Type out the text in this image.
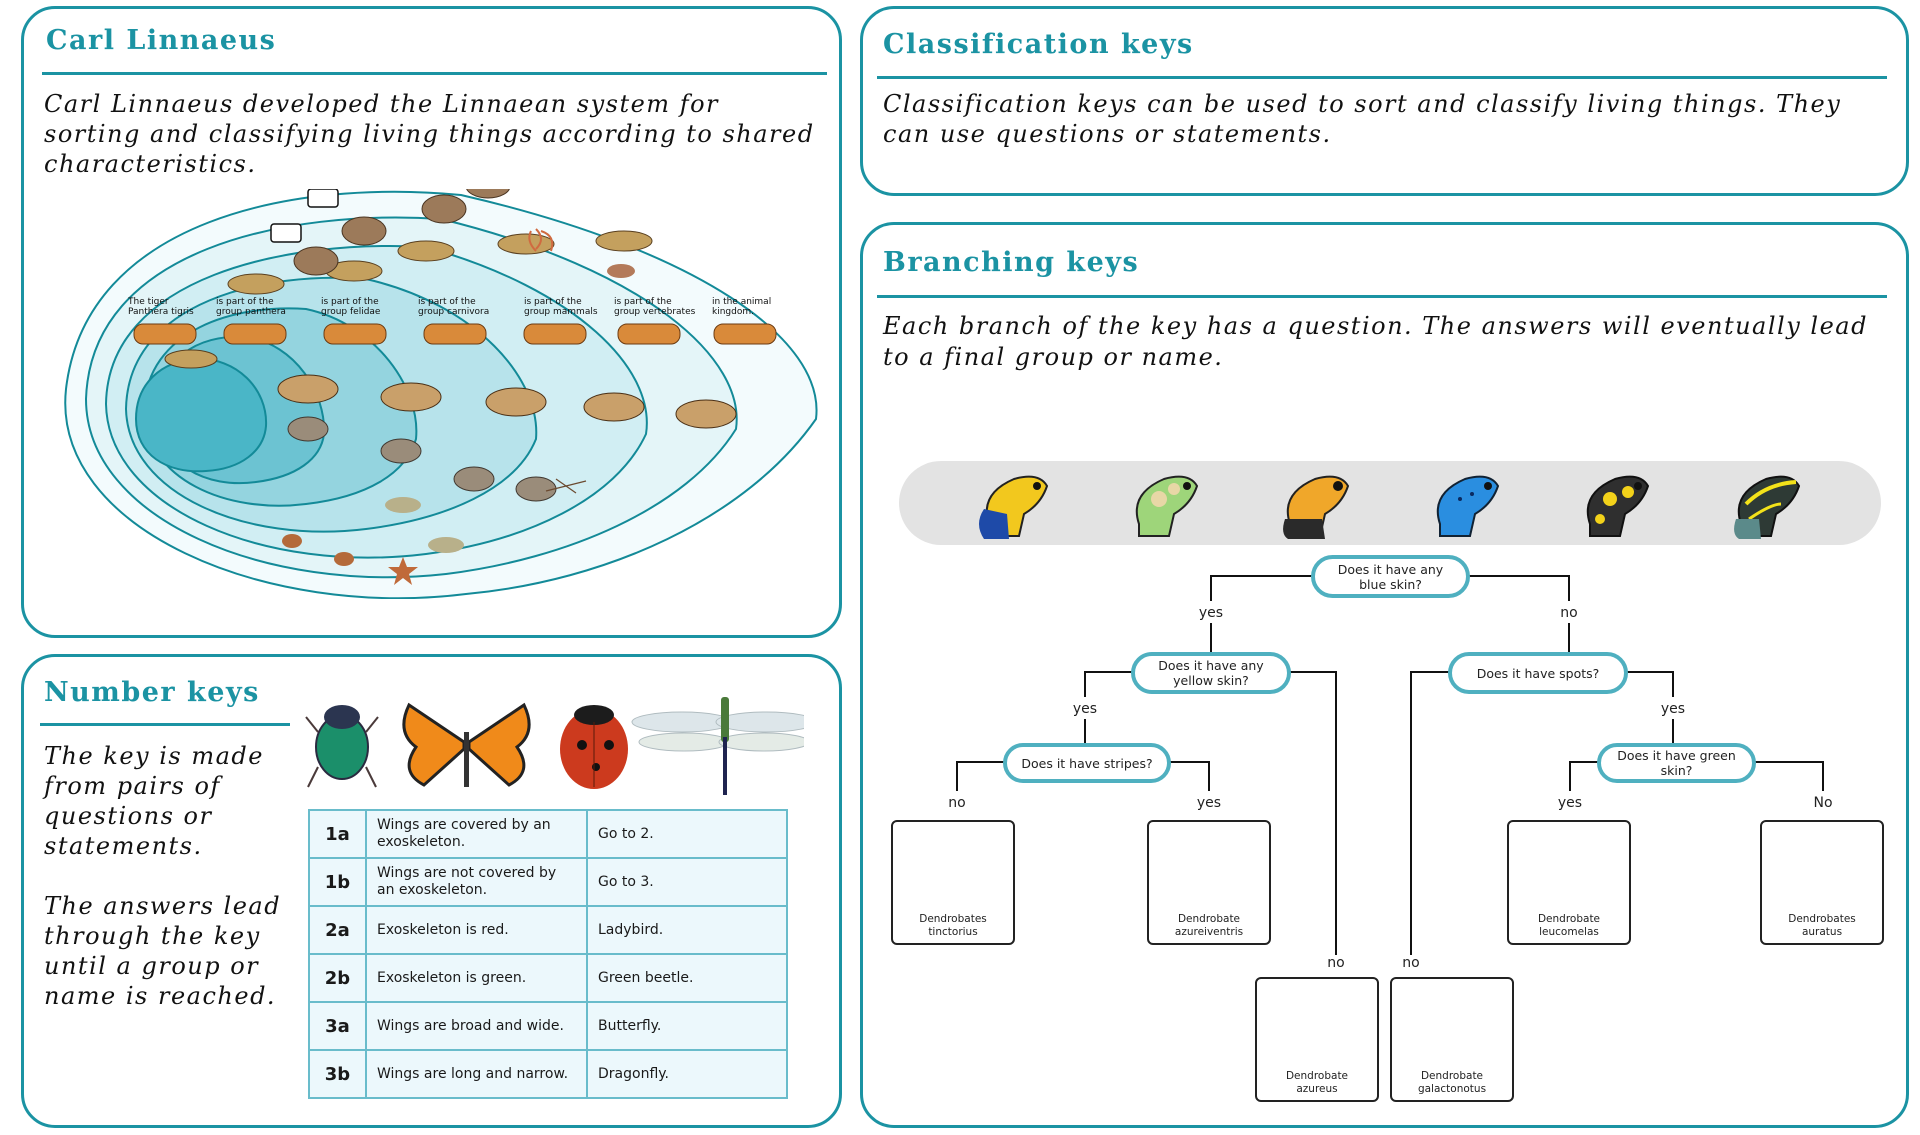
Carl Linnaeus

Carl Linnaeus developed the Linnaean system for sorting and classifying living things according to shared characteristics.

The tiger Panthera tigris
is part of the group panthera
is part of the group felidae
is part of the group carnivora
is part of the group mammals
is part of the group vertebrates
in the animal kingdom.
Number keys

The key is made from pairs of questions or statements.

The answers lead through the key until a group or name is reached.

1a	Wings are covered by an exoskeleton.	Go to 2.
1b	Wings are not covered by an exoskeleton.	Go to 3.
2a	Exoskeleton is red.	Ladybird.
2b	Exoskeleton is green.	Green beetle.
3a	Wings are broad and wide.	Butterfly.
3b	Wings are long and narrow.	Dragonfly.
Classification keys

Classification keys can be used to sort and classify living things. They can use questions or statements.

Branching keys

Each branch of the key has a question. The answers will eventually lead to a final group or name.

Does it have any blue skin?
yes	no
Does it have any yellow skin?	Does it have spots?
yes	yes
Does it have stripes?	Does it have green skin?
no	yes	yes	No
Dendrobates
tinctorius
Dendrobate
azureiventris
Dendrobate
leucomelas
Dendrobates
auratus
no	no
Dendrobate
azureus
Dendrobate
galactonotus
